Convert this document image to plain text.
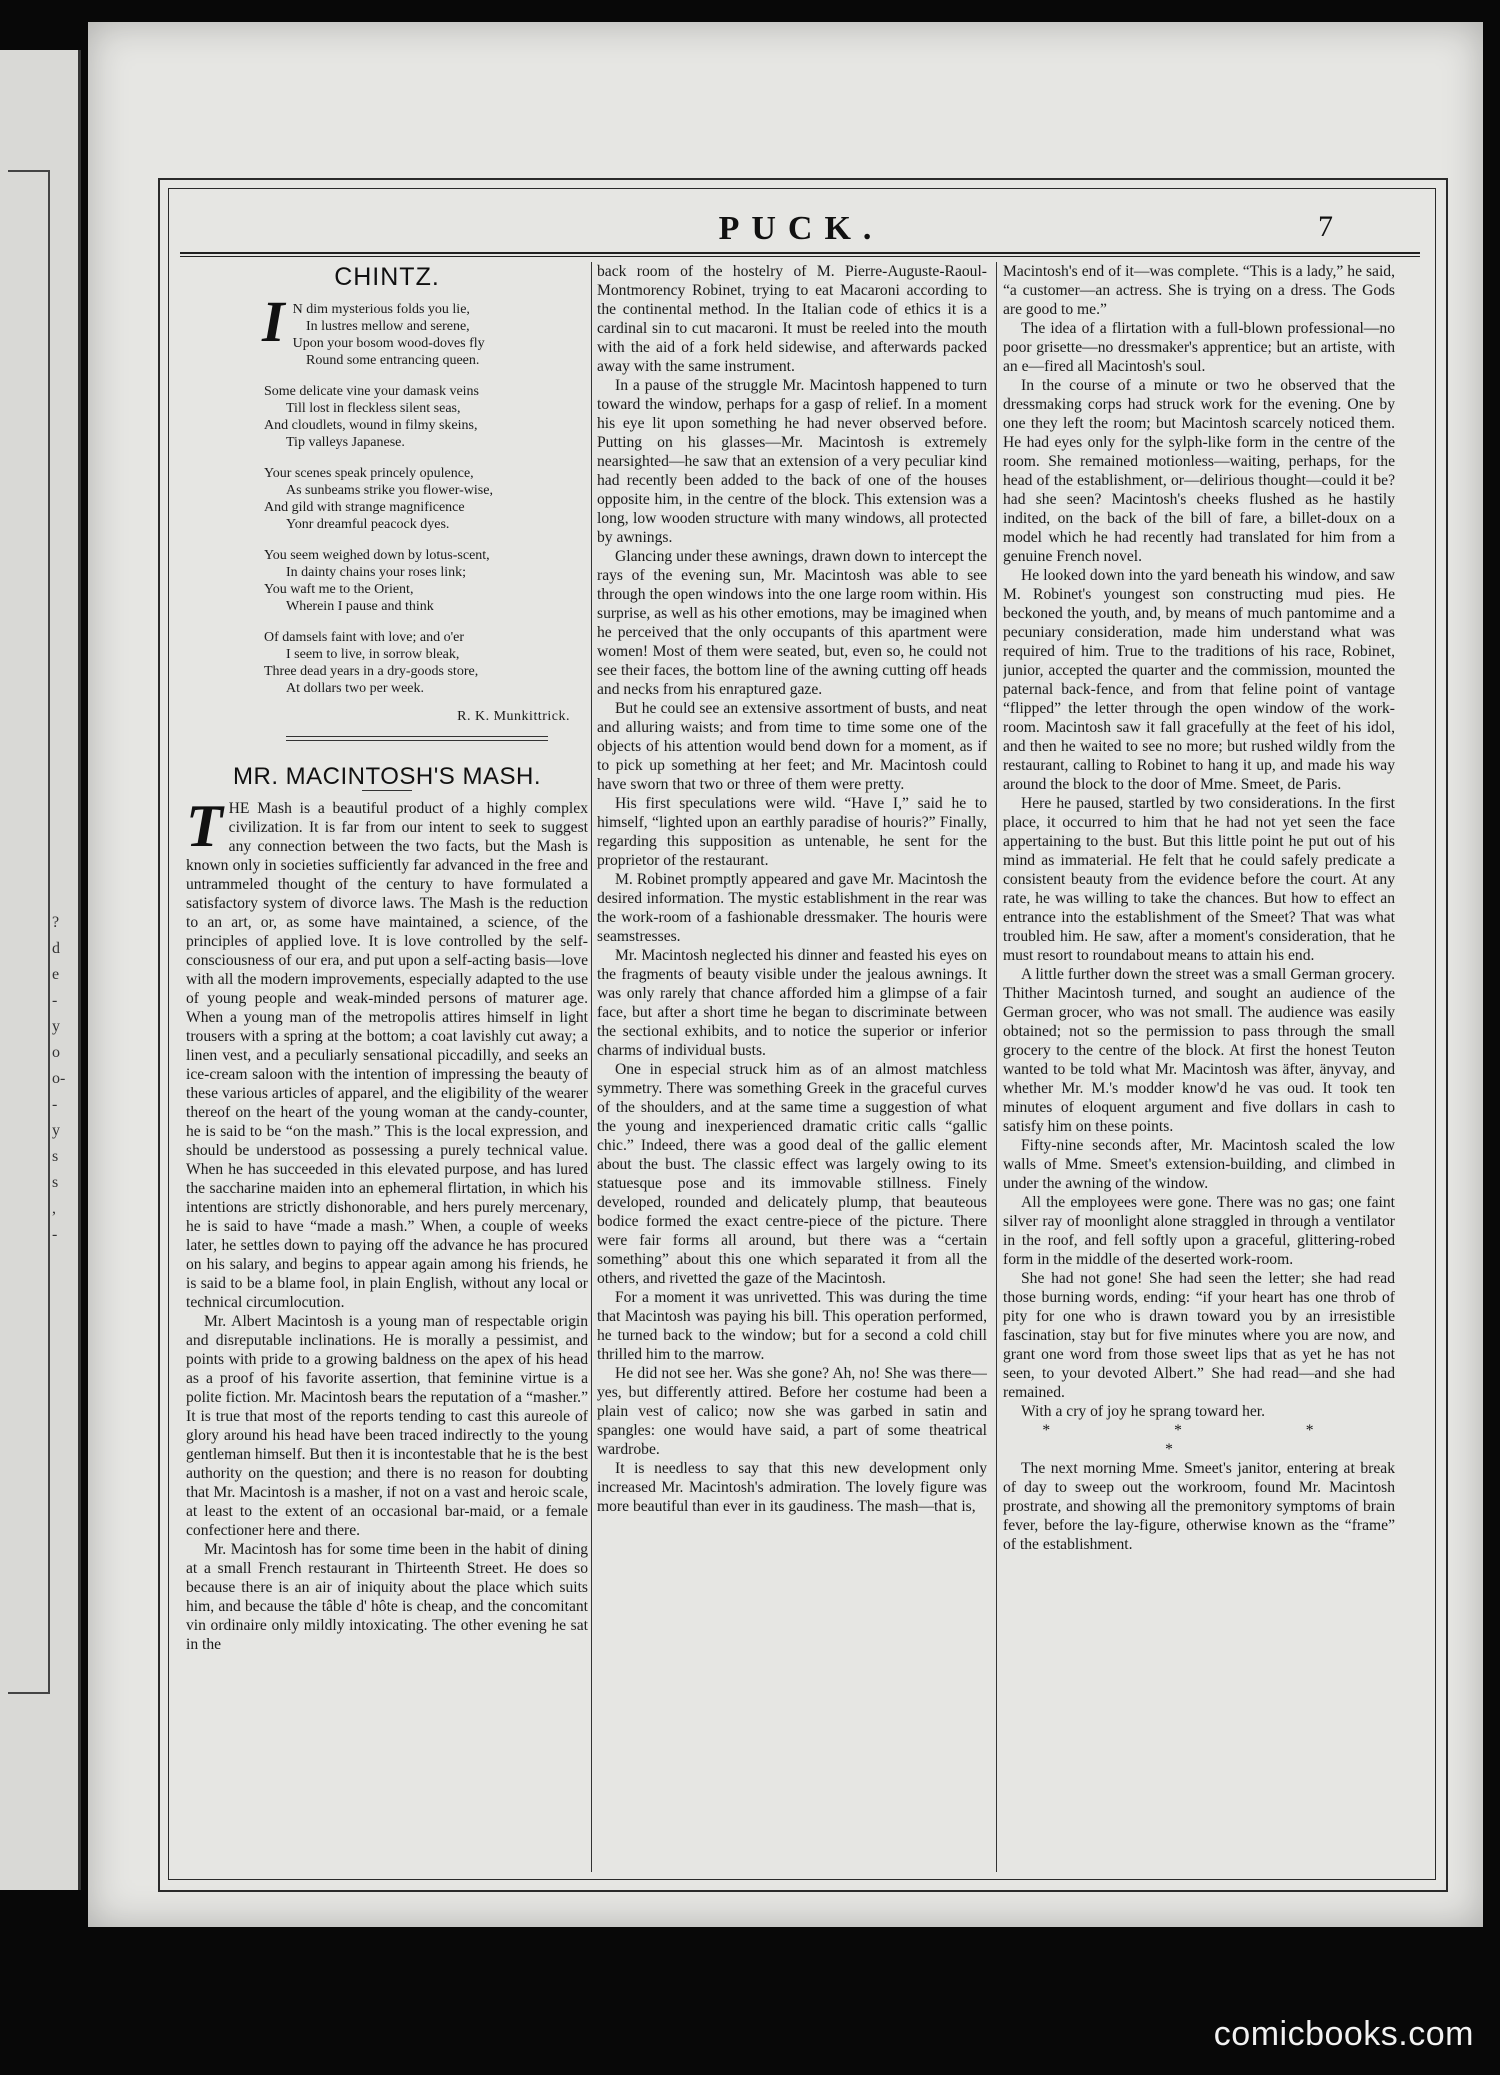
?
d
e
-
y
o
o-
-
y
s
s
,
-
PUCK.	7
CHINTZ.
I N dim mysterious folds you lie,
In lustres mellow and serene,
Upon your bosom wood-doves fly
Round some entrancing queen.
Some delicate vine your damask veins
Till lost in fleckless silent seas,
And cloudlets, wound in filmy skeins,
Tip valleys Japanese.
Your scenes speak princely opulence,
As sunbeams strike you flower-wise,
And gild with strange magnificence
Yonr dreamful peacock dyes.
You seem weighed down by lotus-scent,
In dainty chains your roses link;
You waft me to the Orient,
Wherein I pause and think
Of damsels faint with love; and o'er
I seem to live, in sorrow bleak,
Three dead years in a dry-goods store,
At dollars two per week.
R. K. Munkittrick.
MR. MACINTOSH'S MASH.

THE Mash is a beautiful product of a highly complex civilization. It is far from our intent to seek to suggest any connection between the two facts, but the Mash is known only in societies sufficiently far advanced in the free and untrammeled thought of the century to have formulated a satisfactory system of divorce laws. The Mash is the reduction to an art, or, as some have maintained, a science, of the principles of applied love. It is love controlled by the self-consciousness of our era, and put upon a self-acting basis—love with all the modern improvements, especially adapted to the use of young people and weak-minded persons of maturer age. When a young man of the metropolis attires himself in light trousers with a spring at the bottom; a coat lavishly cut away; a linen vest, and a peculiarly sensational piccadilly, and seeks an ice-cream saloon with the intention of impressing the beauty of these various articles of apparel, and the eligibility of the wearer thereof on the heart of the young woman at the candy-counter, he is said to be “on the mash.” This is the local expression, and should be understood as possessing a purely technical value. When he has succeeded in this elevated purpose, and has lured the saccharine maiden into an ephemeral flirtation, in which his intentions are strictly dishonorable, and hers purely mercenary, he is said to have “made a mash.” When, a couple of weeks later, he settles down to paying off the advance he has procured on his salary, and begins to appear again among his friends, he is said to be a blame fool, in plain English, without any local or technical circumlocution.

Mr. Albert Macintosh is a young man of respectable origin and disreputable inclinations. He is morally a pessimist, and points with pride to a growing baldness on the apex of his head as a proof of his favorite assertion, that feminine virtue is a polite fiction. Mr. Macintosh bears the reputation of a “masher.” It is true that most of the reports tending to cast this aureole of glory around his head have been traced indirectly to the young gentleman himself. But then it is incontestable that he is the best authority on the question; and there is no reason for doubting that Mr. Macintosh is a masher, if not on a vast and heroic scale, at least to the extent of an occasional bar-maid, or a female confectioner here and there.

Mr. Macintosh has for some time been in the habit of dining at a small French restaurant in Thirteenth Street. He does so because there is an air of iniquity about the place which suits him, and because the tâble d' hôte is cheap, and the concomitant vin ordinaire only mildly intoxicating. The other evening he sat in the

back room of the hostelry of M. Pierre-Auguste-Raoul-Montmorency Robinet, trying to eat Macaroni according to the continental method. In the Italian code of ethics it is a cardinal sin to cut macaroni. It must be reeled into the mouth with the aid of a fork held sidewise, and afterwards packed away with the same instrument.

In a pause of the struggle Mr. Macintosh happened to turn toward the window, perhaps for a gasp of relief. In a moment his eye lit upon something he had never observed before. Putting on his glasses—Mr. Macintosh is extremely nearsighted—he saw that an extension of a very peculiar kind had recently been added to the back of one of the houses opposite him, in the centre of the block. This extension was a long, low wooden structure with many windows, all protected by awnings.

Glancing under these awnings, drawn down to intercept the rays of the evening sun, Mr. Macintosh was able to see through the open windows into the one large room within. His surprise, as well as his other emotions, may be imagined when he perceived that the only occupants of this apartment were women! Most of them were seated, but, even so, he could not see their faces, the bottom line of the awning cutting off heads and necks from his enraptured gaze.

But he could see an extensive assortment of busts, and neat and alluring waists; and from time to time some one of the objects of his attention would bend down for a moment, as if to pick up something at her feet; and Mr. Macintosh could have sworn that two or three of them were pretty.

His first speculations were wild. “Have I,” said he to himself, “lighted upon an earthly paradise of houris?” Finally, regarding this supposition as untenable, he sent for the proprietor of the restaurant.

M. Robinet promptly appeared and gave Mr. Macintosh the desired information. The mystic establishment in the rear was the work-room of a fashionable dressmaker. The houris were seamstresses.

Mr. Macintosh neglected his dinner and feasted his eyes on the fragments of beauty visible under the jealous awnings. It was only rarely that chance afforded him a glimpse of a fair face, but after a short time he began to discriminate between the sectional exhibits, and to notice the superior or inferior charms of individual busts.

One in especial struck him as of an almost matchless symmetry. There was something Greek in the graceful curves of the shoulders, and at the same time a suggestion of what the young and inexperienced dramatic critic calls “gallic chic.” Indeed, there was a good deal of the gallic element about the bust. The classic effect was largely owing to its statuesque pose and its immovable stillness. Finely developed, rounded and delicately plump, that beauteous bodice formed the exact centre-piece of the picture. There were fair forms all around, but there was a “certain something” about this one which separated it from all the others, and rivetted the gaze of the Macintosh.

For a moment it was unrivetted. This was during the time that Macintosh was paying his bill. This operation performed, he turned back to the window; but for a second a cold chill thrilled him to the marrow.

He did not see her. Was she gone? Ah, no! She was there—yes, but differently attired. Before her costume had been a plain vest of calico; now she was garbed in satin and spangles: one would have said, a part of some theatrical wardrobe.

It is needless to say that this new development only increased Mr. Macintosh's admiration. The lovely figure was more beautiful than ever in its gaudiness. The mash—that is,

Macintosh's end of it—was complete. “This is a lady,” he said, “a customer—an actress. She is trying on a dress. The Gods are good to me.”

The idea of a flirtation with a full-blown professional—no poor grisette—no dressmaker's apprentice; but an artiste, with an e—fired all Macintosh's soul.

In the course of a minute or two he observed that the dressmaking corps had struck work for the evening. One by one they left the room; but Macintosh scarcely noticed them. He had eyes only for the sylph-like form in the centre of the room. She remained motionless—waiting, perhaps, for the head of the establishment, or—delirious thought—could it be? had she seen? Macintosh's cheeks flushed as he hastily indited, on the back of the bill of fare, a billet-doux on a model which he had recently had translated for him from a genuine French novel.

He looked down into the yard beneath his window, and saw M. Robinet's youngest son constructing mud pies. He beckoned the youth, and, by means of much pantomime and a pecuniary consideration, made him understand what was required of him. True to the traditions of his race, Robinet, junior, accepted the quarter and the commission, mounted the paternal back-fence, and from that feline point of vantage “flipped” the letter through the open window of the work-room. Macintosh saw it fall gracefully at the feet of his idol, and then he waited to see no more; but rushed wildly from the restaurant, calling to Robinet to hang it up, and made his way around the block to the door of Mme. Smeet, de Paris.

Here he paused, startled by two considerations. In the first place, it occurred to him that he had not yet seen the face appertaining to the bust. But this little point he put out of his mind as immaterial. He felt that he could safely predicate a consistent beauty from the evidence before the court. At any rate, he was willing to take the chances. But how to effect an entrance into the establishment of the Smeet? That was what troubled him. He saw, after a moment's consideration, that he must resort to roundabout means to attain his end.

A little further down the street was a small German grocery. Thither Macintosh turned, and sought an audience of the German grocer, who was not small. The audience was easily obtained; not so the permission to pass through the small grocery to the centre of the block. At first the honest Teuton wanted to be told what Mr. Macintosh was äfter, änyvay, and whether Mr. M.'s modder know'd he vas oud. It took ten minutes of eloquent argument and five dollars in cash to satisfy him on these points.

Fifty-nine seconds after, Mr. Macintosh scaled the low walls of Mme. Smeet's extension-building, and climbed in under the awning of the window.

All the employees were gone. There was no gas; one faint silver ray of moonlight alone straggled in through a ventilator in the roof, and fell softly upon a graceful, glittering-robed form in the middle of the deserted work-room.

She had not gone! She had seen the letter; she had read those burning words, ending: “if your heart has one throb of pity for one who is drawn toward you by an irresistible fascination, stay but for five minutes where you are now, and grant one word from those sweet lips that as yet he has not seen, to your devoted Albert.” She had read—and she had remained.

With a cry of joy he sprang toward her.

* * * *

The next morning Mme. Smeet's janitor, entering at break of day to sweep out the workroom, found Mr. Macintosh prostrate, and showing all the premonitory symptoms of brain fever, before the lay-figure, otherwise known as the “frame” of the establishment.

comicbooks.com
